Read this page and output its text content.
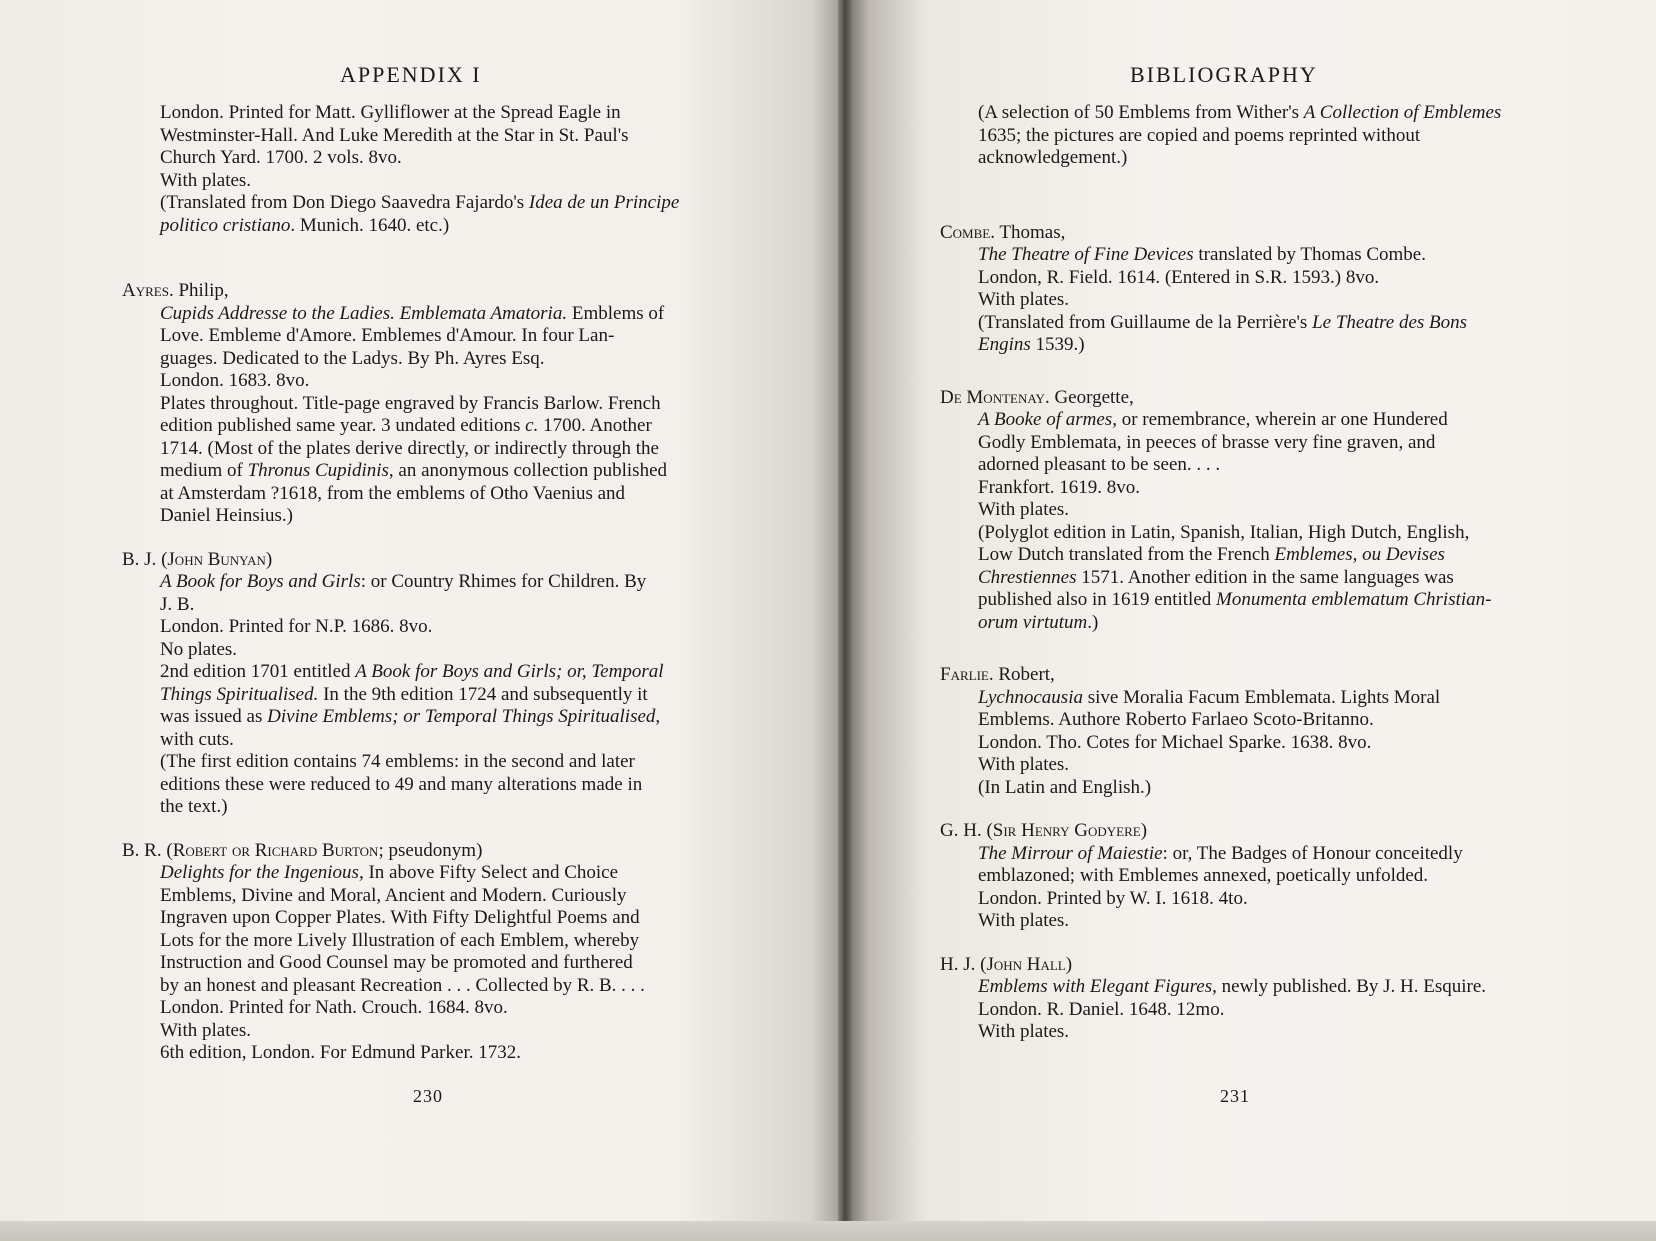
APPENDIX I
London. Printed for Matt. Gylliflower at the Spread Eagle in
Westminster-Hall. And Luke Meredith at the Star in St. Paul's
Church Yard. 1700. 2 vols. 8vo.
With plates.
(Translated from Don Diego Saavedra Fajardo's Idea de un Principe
politico cristiano. Munich. 1640. etc.)
Ayres. Philip,
Cupids Addresse to the Ladies. Emblemata Amatoria. Emblems of
Love. Embleme d'Amore. Emblemes d'Amour. In four Lan-
guages. Dedicated to the Ladys. By Ph. Ayres Esq.
London. 1683. 8vo.
Plates throughout. Title-page engraved by Francis Barlow. French
edition published same year. 3 undated editions c. 1700. Another
1714. (Most of the plates derive directly, or indirectly through the
medium of Thronus Cupidinis, an anonymous collection published
at Amsterdam ?1618, from the emblems of Otho Vaenius and
Daniel Heinsius.)
B. J. (John Bunyan)
A Book for Boys and Girls: or Country Rhimes for Children. By
J. B.
London. Printed for N.P. 1686. 8vo.
No plates.
2nd edition 1701 entitled A Book for Boys and Girls; or, Temporal
Things Spiritualised. In the 9th edition 1724 and subsequently it
was issued as Divine Emblems; or Temporal Things Spiritualised,
with cuts.
(The first edition contains 74 emblems: in the second and later
editions these were reduced to 49 and many alterations made in
the text.)
B. R. (Robert or Richard Burton; pseudonym)
Delights for the Ingenious, In above Fifty Select and Choice
Emblems, Divine and Moral, Ancient and Modern. Curiously
Ingraven upon Copper Plates. With Fifty Delightful Poems and
Lots for the more Lively Illustration of each Emblem, whereby
Instruction and Good Counsel may be promoted and furthered
by an honest and pleasant Recreation . . . Collected by R. B. . . .
London. Printed for Nath. Crouch. 1684. 8vo.
With plates.
6th edition, London. For Edmund Parker. 1732.
230
BIBLIOGRAPHY
(A selection of 50 Emblems from Wither's A Collection of Emblemes
1635; the pictures are copied and poems reprinted without
acknowledgement.)
Combe. Thomas,
The Theatre of Fine Devices translated by Thomas Combe.
London, R. Field. 1614. (Entered in S.R. 1593.) 8vo.
With plates.
(Translated from Guillaume de la Perrière's Le Theatre des Bons
Engins 1539.)
De Montenay. Georgette,
A Booke of armes, or remembrance, wherein ar one Hundered
Godly Emblemata, in peeces of brasse very fine graven, and
adorned pleasant to be seen. . . .
Frankfort. 1619. 8vo.
With plates.
(Polyglot edition in Latin, Spanish, Italian, High Dutch, English,
Low Dutch translated from the French Emblemes, ou Devises
Chrestiennes 1571. Another edition in the same languages was
published also in 1619 entitled Monumenta emblematum Christian-
orum virtutum.)
Farlie. Robert,
Lychnocausia sive Moralia Facum Emblemata. Lights Moral
Emblems. Authore Roberto Farlaeo Scoto-Britanno.
London. Tho. Cotes for Michael Sparke. 1638. 8vo.
With plates.
(In Latin and English.)
G. H. (Sir Henry Godyere)
The Mirrour of Maiestie: or, The Badges of Honour conceitedly
emblazoned; with Emblemes annexed, poetically unfolded.
London. Printed by W. I. 1618. 4to.
With plates.
H. J. (John Hall)
Emblems with Elegant Figures, newly published. By J. H. Esquire.
London. R. Daniel. 1648. 12mo.
With plates.
231
